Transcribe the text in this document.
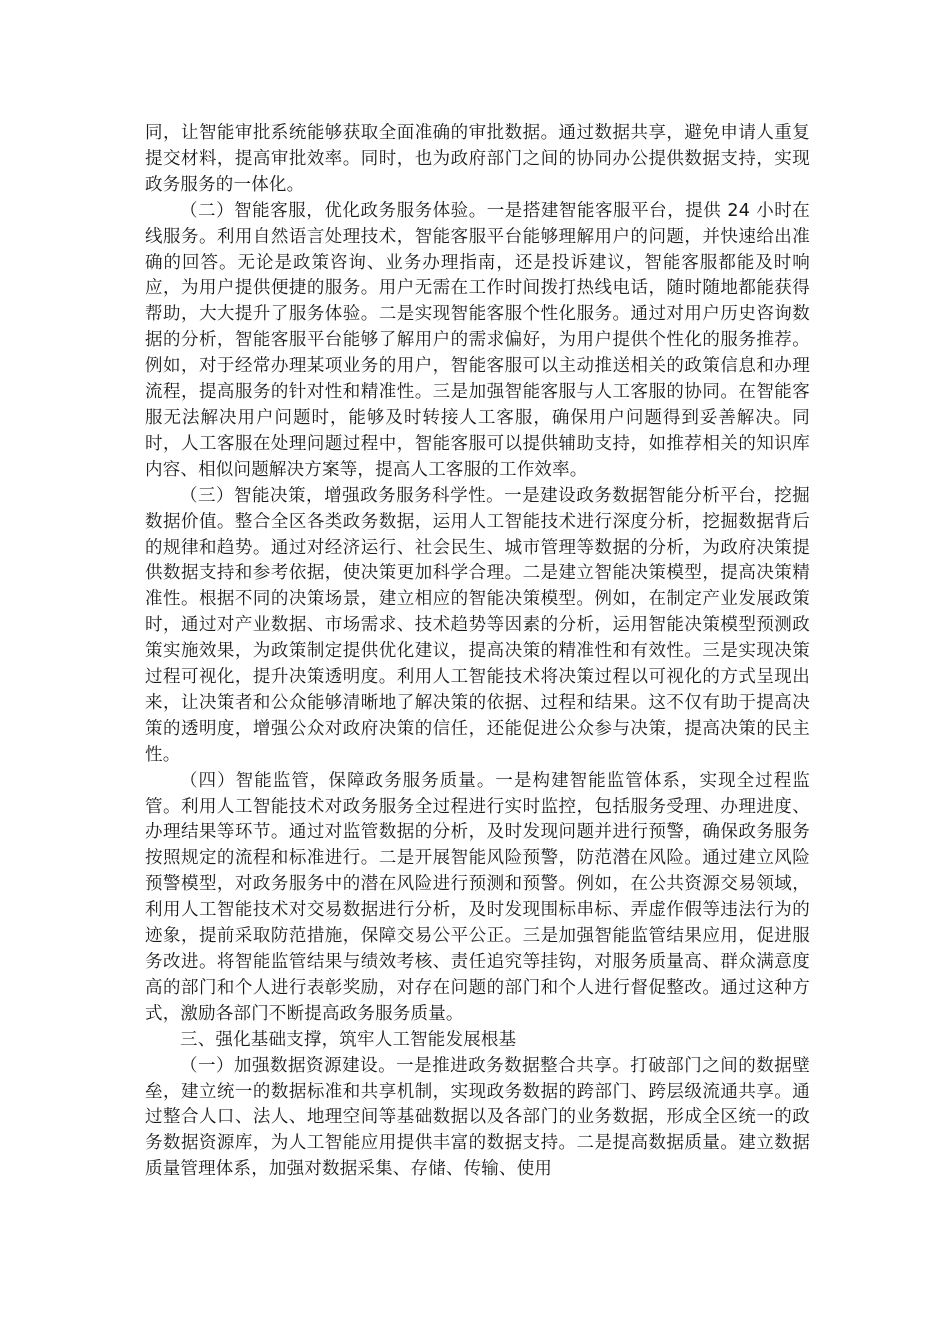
同，让智能审批系统能够获取全面准确的审批数据。通过数据共享，避免申请人重复提交材料，提高审批效率。同时，也为政府部门之间的协同办公提供数据支持，实现政务服务的一体化。

（二）智能客服，优化政务服务体验。一是搭建智能客服平台，提供 24 小时在线服务。利用自然语言处理技术，智能客服平台能够理解用户的问题，并快速给出准确的回答。无论是政策咨询、业务办理指南，还是投诉建议，智能客服都能及时响应，为用户提供便捷的服务。用户无需在工作时间拨打热线电话，随时随地都能获得帮助，大大提升了服务体验。二是实现智能客服个性化服务。通过对用户历史咨询数据的分析，智能客服平台能够了解用户的需求偏好，为用户提供个性化的服务推荐。例如，对于经常办理某项业务的用户，智能客服可以主动推送相关的政策信息和办理流程，提高服务的针对性和精准性。三是加强智能客服与人工客服的协同。在智能客服无法解决用户问题时，能够及时转接人工客服，确保用户问题得到妥善解决。同时，人工客服在处理问题过程中，智能客服可以提供辅助支持，如推荐相关的知识库内容、相似问题解决方案等，提高人工客服的工作效率。

（三）智能决策，增强政务服务科学性。一是建设政务数据智能分析平台，挖掘数据价值。整合全区各类政务数据，运用人工智能技术进行深度分析，挖掘数据背后的规律和趋势。通过对经济运行、社会民生、城市管理等数据的分析，为政府决策提供数据支持和参考依据，使决策更加科学合理。二是建立智能决策模型，提高决策精准性。根据不同的决策场景，建立相应的智能决策模型。例如，在制定产业发展政策时，通过对产业数据、市场需求、技术趋势等因素的分析，运用智能决策模型预测政策实施效果，为政策制定提供优化建议，提高决策的精准性和有效性。三是实现决策过程可视化，提升决策透明度。利用人工智能技术将决策过程以可视化的方式呈现出来，让决策者和公众能够清晰地了解决策的依据、过程和结果。这不仅有助于提高决策的透明度，增强公众对政府决策的信任，还能促进公众参与决策，提高决策的民主性。

（四）智能监管，保障政务服务质量。一是构建智能监管体系，实现全过程监管。利用人工智能技术对政务服务全过程进行实时监控，包括服务受理、办理进度、办理结果等环节。通过对监管数据的分析，及时发现问题并进行预警，确保政务服务按照规定的流程和标准进行。二是开展智能风险预警，防范潜在风险。通过建立风险预警模型，对政务服务中的潜在风险进行预测和预警。例如，在公共资源交易领域，利用人工智能技术对交易数据进行分析，及时发现围标串标、弄虚作假等违法行为的迹象，提前采取防范措施，保障交易公平公正。三是加强智能监管结果应用，促进服务改进。将智能监管结果与绩效考核、责任追究等挂钩，对服务质量高、群众满意度高的部门和个人进行表彰奖励，对存在问题的部门和个人进行督促整改。通过这种方式，激励各部门不断提高政务服务质量。

三、强化基础支撑，筑牢人工智能发展根基

（一）加强数据资源建设。一是推进政务数据整合共享。打破部门之间的数据壁垒，建立统一的数据标准和共享机制，实现政务数据的跨部门、跨层级流通共享。通过整合人口、法人、地理空间等基础数据以及各部门的业务数据，形成全区统一的政务数据资源库，为人工智能应用提供丰富的数据支持。二是提高数据质量。建立数据质量管理体系，加强对数据采集、存储、传输、使用
